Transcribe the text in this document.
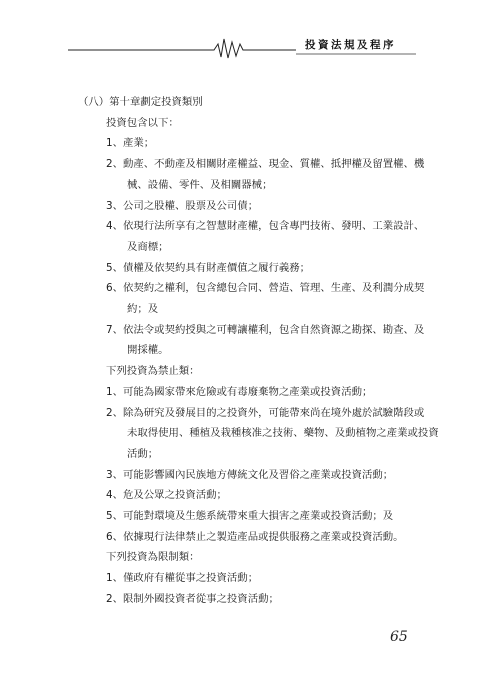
投資法規及程序
（八）第十章劃定投資類別
投資包含以下：
1、產業；
2、動產、不動產及相關財產權益、現金、質權、抵押權及留置權、機
械、設備、零件、及相關器械；
3、公司之股權、股票及公司債；
4、依現行法所享有之智慧財產權，包含專門技術、發明、工業設計、
及商標；
5、債權及依契約具有財產價值之履行義務；
6、依契約之權利，包含總包合同、營造、管理、生產、及利潤分成契
約；及
7、依法令或契約授與之可轉讓權利，包含自然資源之勘探、勘查、及
開採權。
下列投資為禁止類：
1、可能為國家帶來危險或有毒廢棄物之產業或投資活動；
2、除為研究及發展目的之投資外，可能帶來尚在境外處於試驗階段或
未取得使用、種植及栽種核准之技術、藥物、及動植物之產業或投資
活動；
3、可能影響國內民族地方傳統文化及習俗之產業或投資活動；
4、危及公眾之投資活動；
5、可能對環境及生態系統帶來重大損害之產業或投資活動；及
6、依據現行法律禁止之製造產品或提供服務之產業或投資活動。
下列投資為限制類：
1、僅政府有權從事之投資活動；
2、限制外國投資者從事之投資活動；
65
